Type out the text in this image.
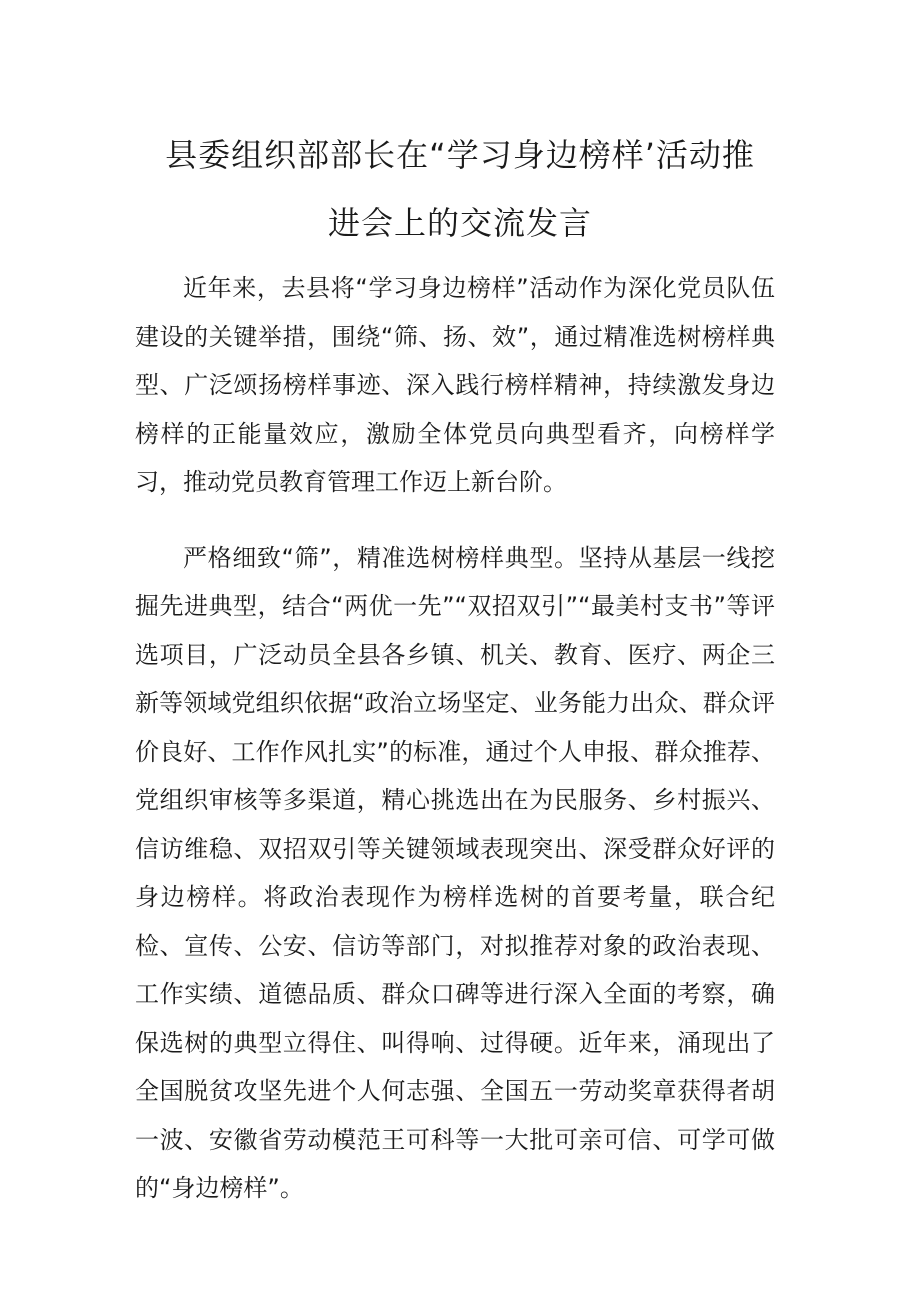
县委组织部部长在“学习身边榜样’活动推
进会上的交流发言

近年来，去县将“学习身边榜样”活动作为深化党员队伍建设的关键举措，围绕“筛、扬、效”，通过精准选树榜样典型、广泛颂扬榜样事迹、深入践行榜样精神，持续激发身边榜样的正能量效应，激励全体党员向典型看齐，向榜样学习，推动党员教育管理工作迈上新台阶。

严格细致“筛”，精准选树榜样典型。坚持从基层一线挖掘先进典型，结合“两优一先”“双招双引”“最美村支书”等评选项目，广泛动员全县各乡镇、机关、教育、医疗、两企三新等领域党组织依据“政治立场坚定、业务能力出众、群众评价良好、工作作风扎实”的标准，通过个人申报、群众推荐、党组织审核等多渠道，精心挑选出在为民服务、乡村振兴、信访维稳、双招双引等关键领域表现突出、深受群众好评的身边榜样。将政治表现作为榜样选树的首要考量，联合纪检、宣传、公安、信访等部门，对拟推荐对象的政治表现、工作实绩、道德品质、群众口碑等进行深入全面的考察，确保选树的典型立得住、叫得响、过得硬。近年来，涌现出了全国脱贫攻坚先进个人何志强、全国五一劳动奖章获得者胡一波、安徽省劳动模范王可科等一大批可亲可信、可学可做的“身边榜样”。
